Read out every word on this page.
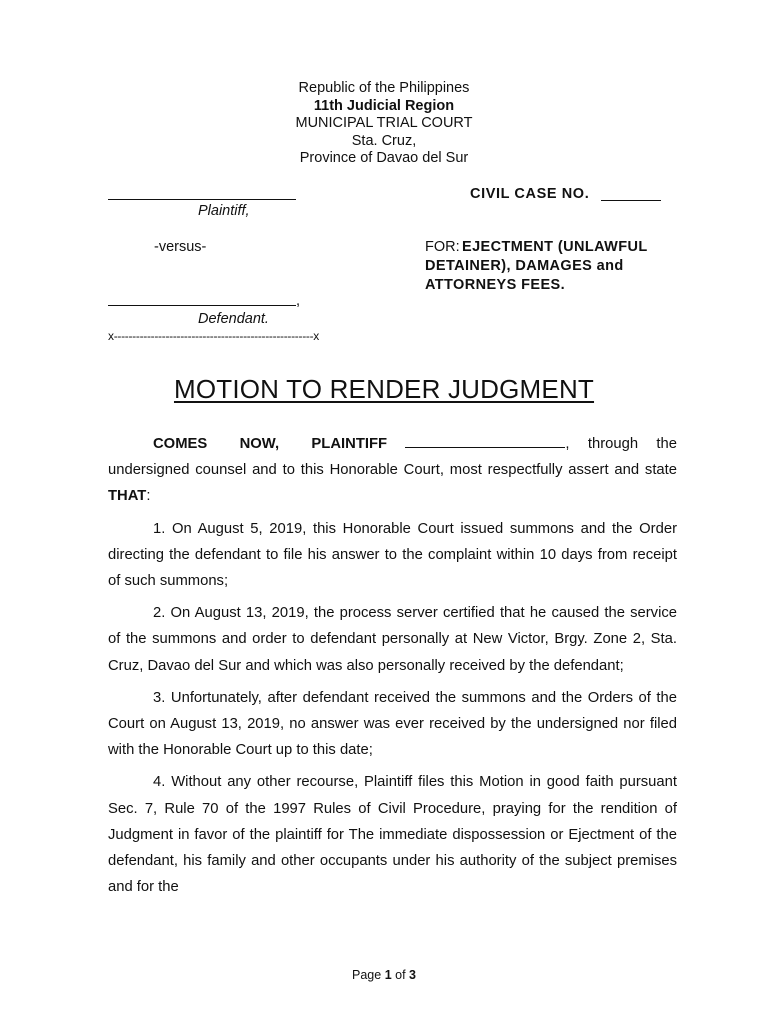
Republic of the Philippines
11th Judicial Region
MUNICIPAL TRIAL COURT
Sta. Cruz,
Province of Davao del Sur
Plaintiff,
CIVIL CASE NO.
-versus-	FOR: EJECTMENT (UNLAWFUL
DETAINER), DAMAGES and
ATTORNEYS FEES.
,
Defendant.
x------------------------------------------------------x
MOTION TO RENDER JUDGMENT

COMES NOW, PLAINTIFF	, through the undersigned counsel and to this Honorable Court, most respectfully assert and state THAT:

1. On August 5, 2019, this Honorable Court issued summons and the Order directing the defendant to file his answer to the complaint within 10 days from receipt of such summons;

2. On August 13, 2019, the process server certified that he caused the service of the summons and order to defendant personally at New Victor, Brgy. Zone 2, Sta. Cruz, Davao del Sur and which was also personally received by the defendant;

3. Unfortunately, after defendant received the summons and the Orders of the Court on August 13, 2019, no answer was ever received by the undersigned nor filed with the Honorable Court up to this date;

4. Without any other recourse, Plaintiff files this Motion in good faith pursuant Sec. 7, Rule 70 of the 1997 Rules of Civil Procedure, praying for the rendition of Judgment in favor of the plaintiff for The immediate dispossession or Ejectment of the defendant, his family and other occupants under his authority of the subject premises and for the

Page 1 of 3
